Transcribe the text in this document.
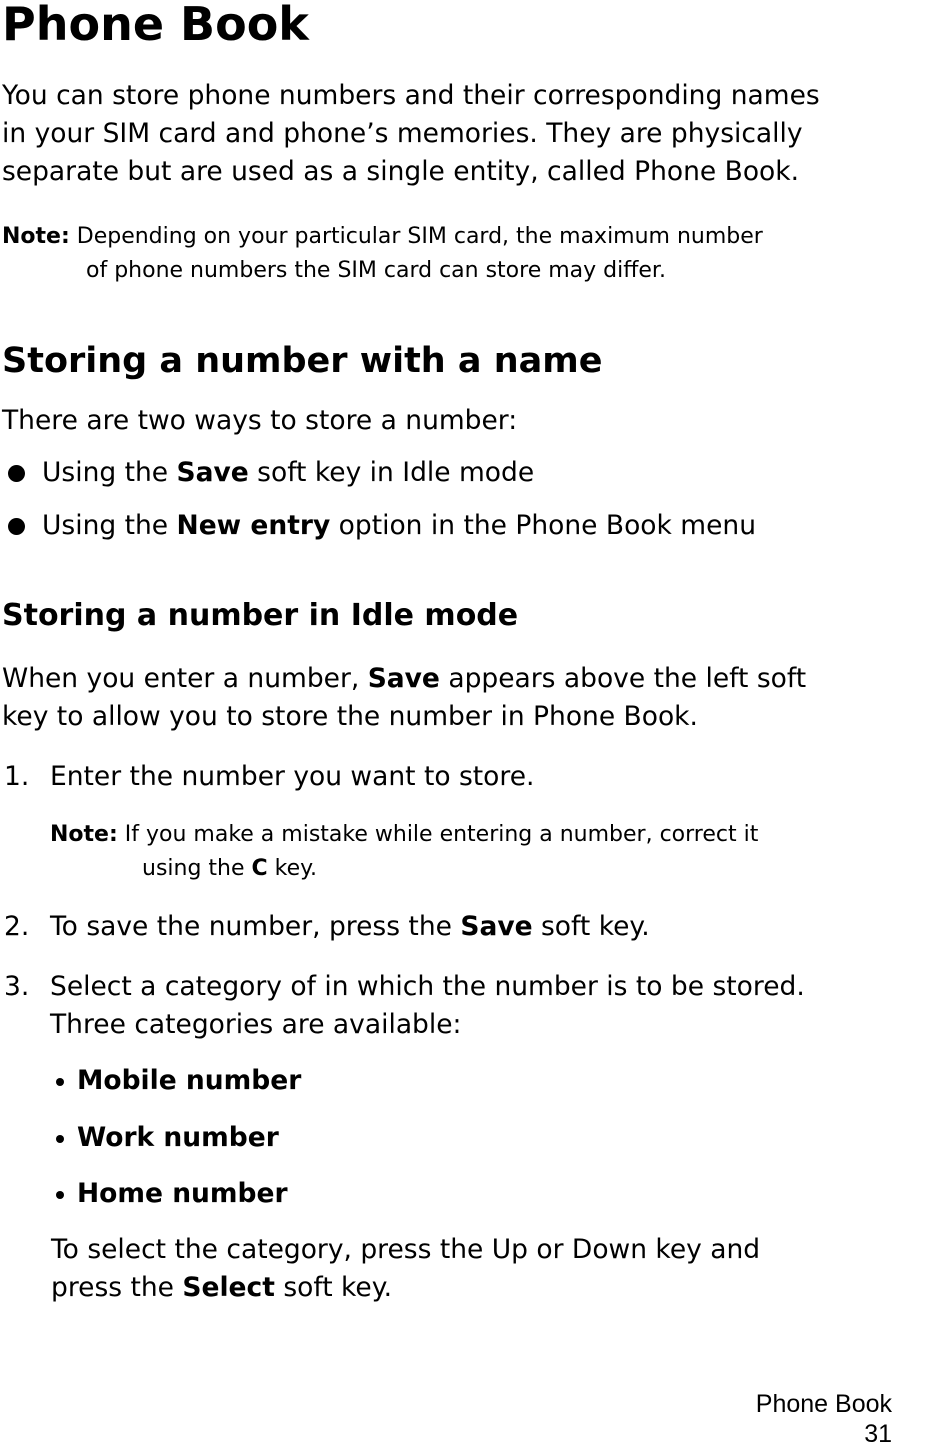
Phone Book
You can store phone numbers and their corresponding names
in your SIM card and phone’s memories. They are physically
separate but are used as a single entity, called Phone Book.
Note: Depending on your particular SIM card, the maximum number
of phone numbers the SIM card can store may differ.
Storing a number with a name
There are two ways to store a number:
Using the Save soft key in Idle mode
Using the New entry option in the Phone Book menu
Storing a number in Idle mode
When you enter a number, Save appears above the left soft
key to allow you to store the number in Phone Book.
1. Enter the number you want to store.
Note: If you make a mistake while entering a number, correct it
using the C key.
2. To save the number, press the Save soft key.
3. Select a category of in which the number is to be stored.
Three categories are available:
Mobile number
Work number
Home number
To select the category, press the Up or Down key and
press the Select soft key.
Phone Book
31
